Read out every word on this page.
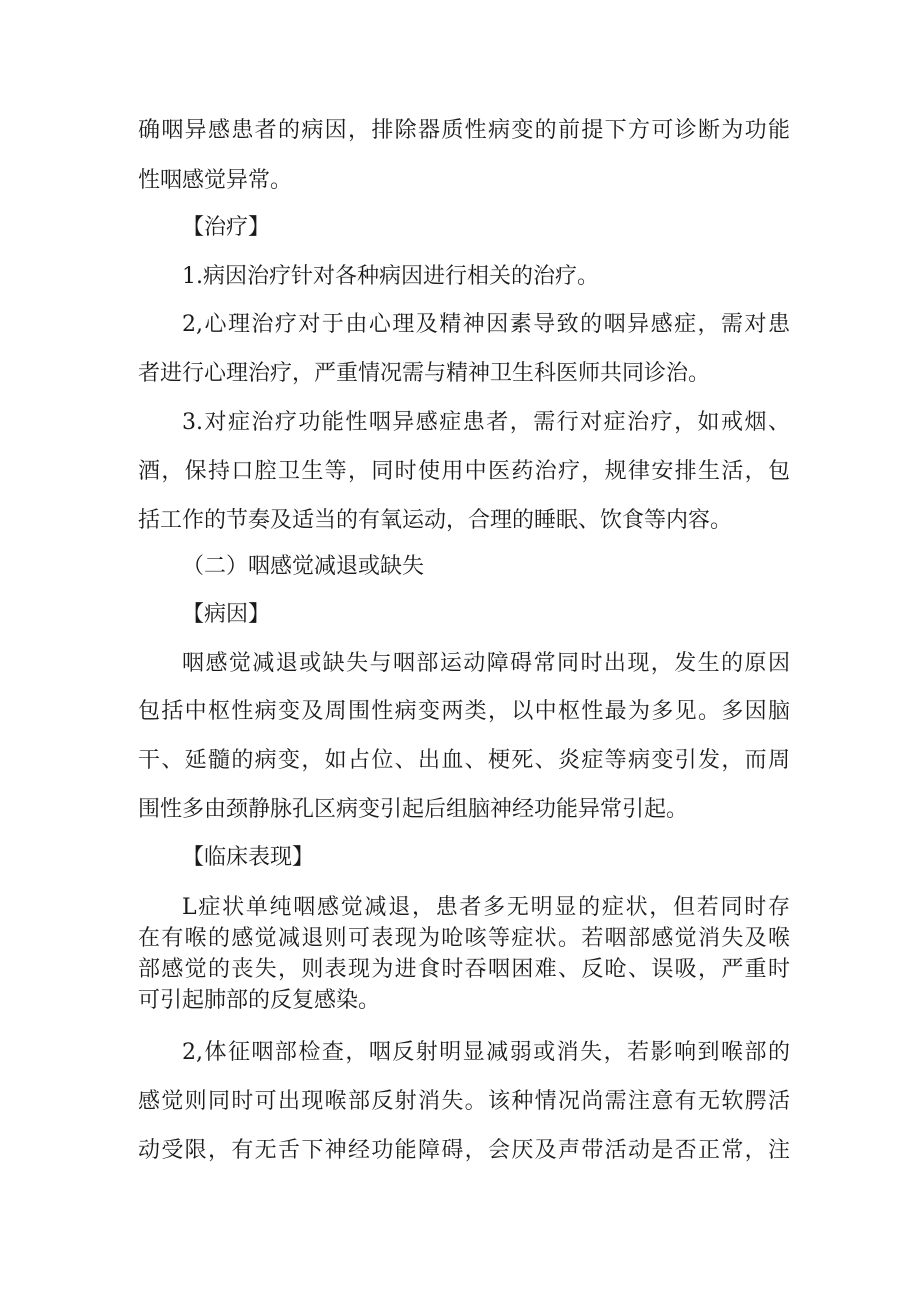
确咽异感患者的病因，排除器质性病变的前提下方可诊断为功能
性咽感觉异常。
【治疗】
1.病因治疗针对各种病因进行相关的治疗。
2,心理治疗对于由心理及精神因素导致的咽异感症，需对患
者进行心理治疗，严重情况需与精神卫生科医师共同诊治。
3.对症治疗功能性咽异感症患者，需行对症治疗，如戒烟、
酒，保持口腔卫生等，同时使用中医药治疗，规律安排生活，包
括工作的节奏及适当的有氧运动，合理的睡眠、饮食等内容。
（二）咽感觉减退或缺失
【病因】
咽感觉减退或缺失与咽部运动障碍常同时出现，发生的原因
包括中枢性病变及周围性病变两类，以中枢性最为多见。多因脑
干、延髓的病变，如占位、出血、梗死、炎症等病变引发，而周
围性多由颈静脉孔区病变引起后组脑神经功能异常引起。
【临床表现】
L症状单纯咽感觉减退，患者多无明显的症状，但若同时存
在有喉的感觉减退则可表现为呛咳等症状。若咽部感觉消失及喉
部感觉的丧失，则表现为进食时吞咽困难、反呛、误吸，严重时
可引起肺部的反复感染。
2,体征咽部检查，咽反射明显减弱或消失，若影响到喉部的
感觉则同时可出现喉部反射消失。该种情况尚需注意有无软腭活
动受限，有无舌下神经功能障碍，会厌及声带活动是否正常，注
